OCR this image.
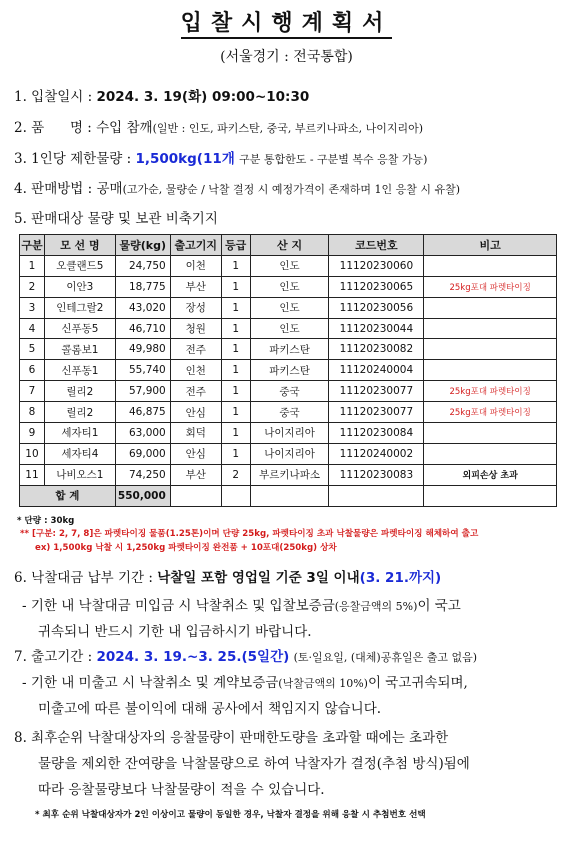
입찰시행계획서
(서울경기 : 전국통합)
1. 입찰일시 : 2024. 3. 19(화) 09:00~10:30
2. 품      명 : 수입 참깨(일반 : 인도, 파키스탄, 중국, 부르키나파소, 나이지리아)
3. 1인당 제한물량 : 1,500kg(11개 구분 통합한도 - 구분별 복수 응찰 가능)
4. 판매방법 : 공매(고가순, 물량순 / 낙찰 결정 시 예정가격이 존재하며 1인 응찰 시 유찰)
5. 판매대상 물량 및 보관 비축기지
구분	모 선 명	물량(kg)	출고기지	등급	산 지	코드번호	비고
1	오클랜드5	24,750	이천	1	인도	11120230060	
2	이안3	18,775	부산	1	인도	11120230065	25kg포대 파렛타이징
3	인테그랄2	43,020	장성	1	인도	11120230056	
4	신푸동5	46,710	청원	1	인도	11120230044	
5	콜롬보1	49,980	전주	1	파키스탄	11120230082	
6	신푸동1	55,740	인천	1	파키스탄	11120240004	
7	릴리2	57,900	전주	1	중국	11120230077	25kg포대 파렛타이징
8	릴리2	46,875	안심	1	중국	11120230077	25kg포대 파렛타이징
9	세자티1	63,000	회덕	1	나이지리아	11120230084	
10	세자티4	69,000	안심	1	나이지리아	11120240002	
11	나비오스1	74,250	부산	2	부르키나파소	11120230083	외피손상 초과
합 계		550,000					
* 단량 : 30kg
** [구분: 2, 7, 8]은 파렛타이징 물품(1.25톤)이며 단량 25kg, 파렛타이징 초과 낙찰물량은 파렛타이징 해체하여 출고
ex) 1,500kg 낙찰 시 1,250kg 파렛타이징 완전품 + 10포대(250kg) 상차
6. 낙찰대금 납부 기간 : 낙찰일 포함 영업일 기준 3일 이내(3. 21.까지)
- 기한 내 낙찰대금 미입금 시 낙찰취소 및 입찰보증금(응찰금액의 5%)이 국고
귀속되니 반드시 기한 내 입금하시기 바랍니다.
7. 출고기간 : 2024. 3. 19.~3. 25.(5일간) (토·일요일, (대체)공휴일은 출고 없음)
- 기한 내 미출고 시 낙찰취소 및 계약보증금(낙찰금액의 10%)이 국고귀속되며,
미출고에 따른 불이익에 대해 공사에서 책임지지 않습니다.
8. 최후순위 낙찰대상자의 응찰물량이 판매한도량을 초과할 때에는 초과한
물량을 제외한 잔여량을 낙찰물량으로 하여 낙찰자가 결정(추첨 방식)됨에
따라 응찰물량보다 낙찰물량이 적을 수 있습니다.
* 최후 순위 낙찰대상자가 2인 이상이고 물량이 동일한 경우, 낙찰자 결정을 위해 응찰 시 추첨번호 선택
